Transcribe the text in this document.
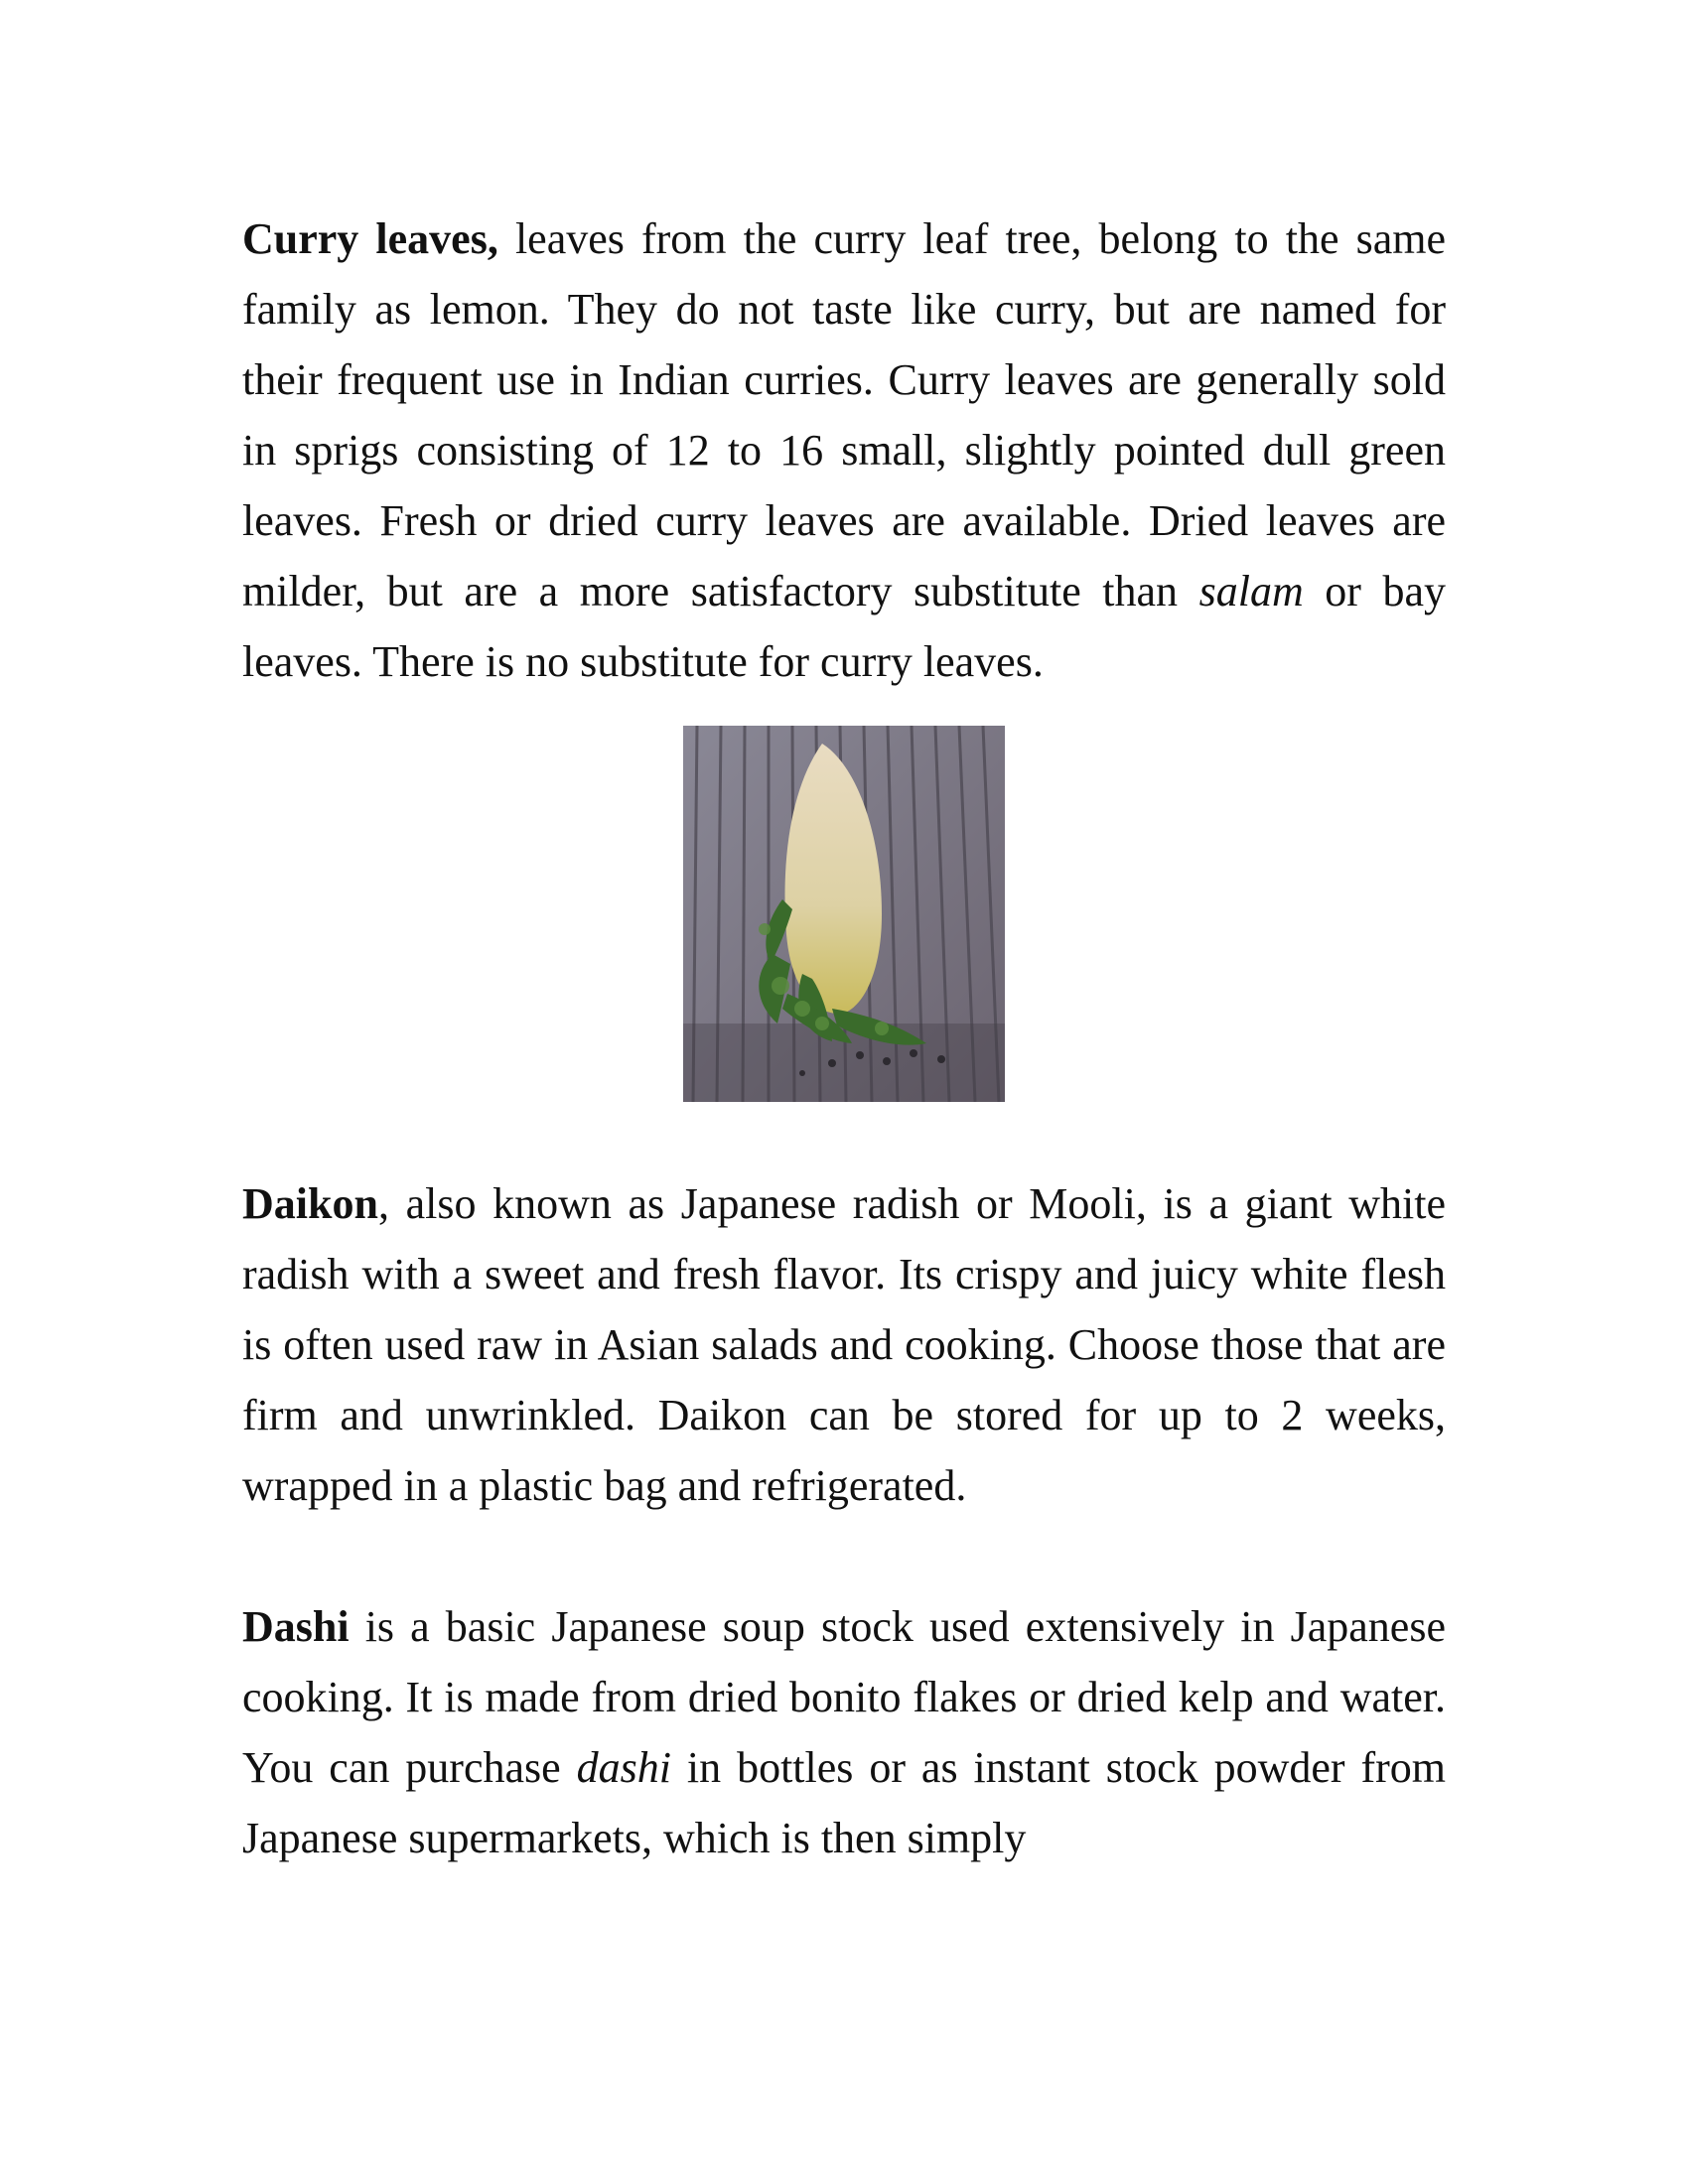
Curry leaves, leaves from the curry leaf tree, belong to the same family as lemon. They do not taste like curry, but are named for their frequent use in Indian curries. Curry leaves are generally sold in sprigs consisting of 12 to 16 small, slightly pointed dull green leaves. Fresh or dried curry leaves are available. Dried leaves are milder, but are a more satisfactory substitute than salam or bay leaves. There is no substitute for curry leaves.

Daikon, also known as Japanese radish or Mooli, is a giant white radish with a sweet and fresh flavor. Its crispy and juicy white flesh is often used raw in Asian salads and cooking. Choose those that are firm and unwrinkled. Daikon can be stored for up to 2 weeks, wrapped in a plastic bag and refrigerated.

Dashi is a basic Japanese soup stock used extensively in Japanese cooking. It is made from dried bonito flakes or dried kelp and water. You can purchase dashi in bottles or as instant stock powder from Japanese supermarkets, which is then simply
